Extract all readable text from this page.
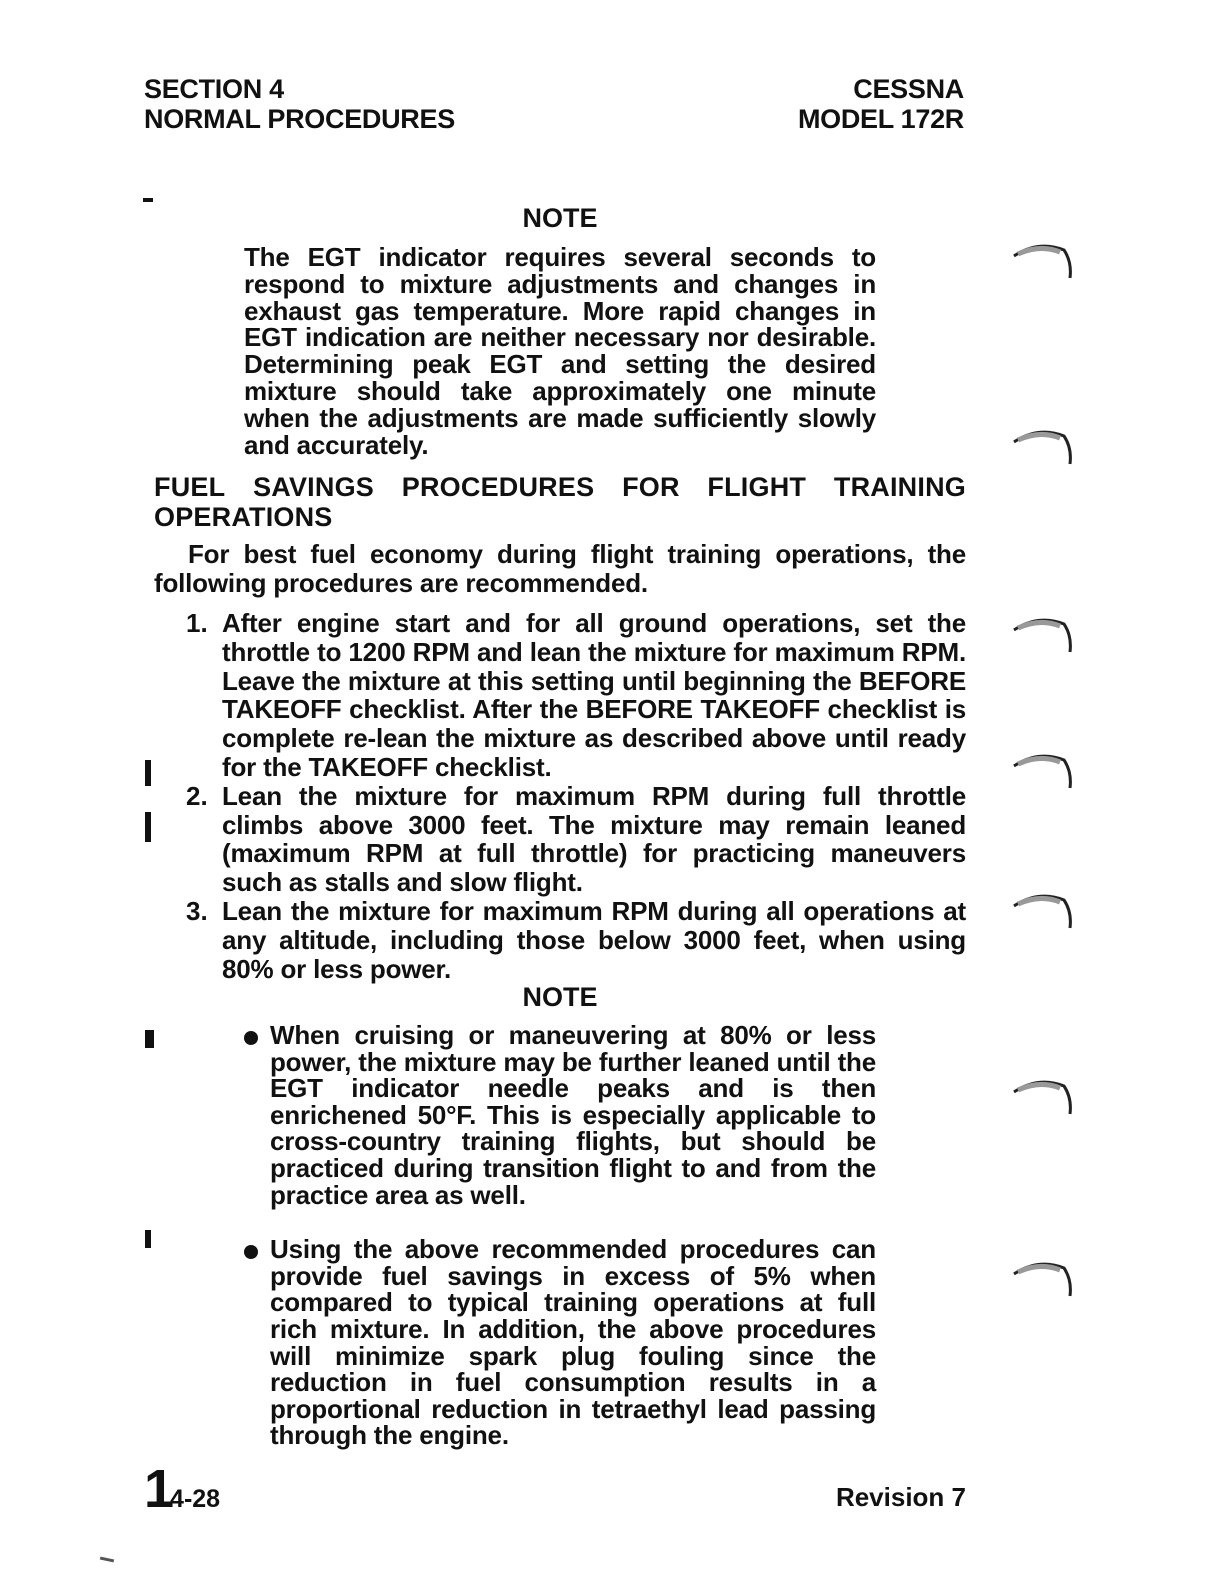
SECTION 4
NORMAL PROCEDURES
CESSNA
MODEL 172R
NOTE
The EGT indicator requires several seconds to respond to mixture adjustments and changes in exhaust gas temperature. More rapid changes in EGT indication are neither necessary nor desirable. Determining peak EGT and setting the desired mixture should take approximately one minute when the adjustments are made sufficiently slowly and accurately.
FUEL SAVINGS PROCEDURES FOR FLIGHT TRAINING
OPERATIONS
For best fuel economy during flight training operations, the following procedures are recommended.
1. After engine start and for all ground operations, set the throttle to 1200 RPM and lean the mixture for maximum RPM. Leave the mixture at this setting until beginning the BEFORE TAKEOFF checklist. After the BEFORE TAKEOFF checklist is complete re-lean the mixture as described above until ready for the TAKEOFF checklist.
2. Lean the mixture for maximum RPM during full throttle climbs above 3000 feet. The mixture may remain leaned (maximum RPM at full throttle) for practicing maneuvers such as stalls and slow flight.
3. Lean the mixture for maximum RPM during all operations at any altitude, including those below 3000 feet, when using 80% or less power.
NOTE
When cruising or maneuvering at 80% or less power, the mixture may be further leaned until the EGT indicator needle peaks and is then enrichened 50°F. This is especially applicable to cross-country training flights, but should be practiced during transition flight to and from the practice area as well.
Using the above recommended procedures can provide fuel savings in excess of 5% when compared to typical training operations at full rich mixture. In addition, the above procedures will minimize spark plug fouling since the reduction in fuel consumption results in a proportional reduction in tetraethyl lead passing through the engine.
14-28	Revision 7
